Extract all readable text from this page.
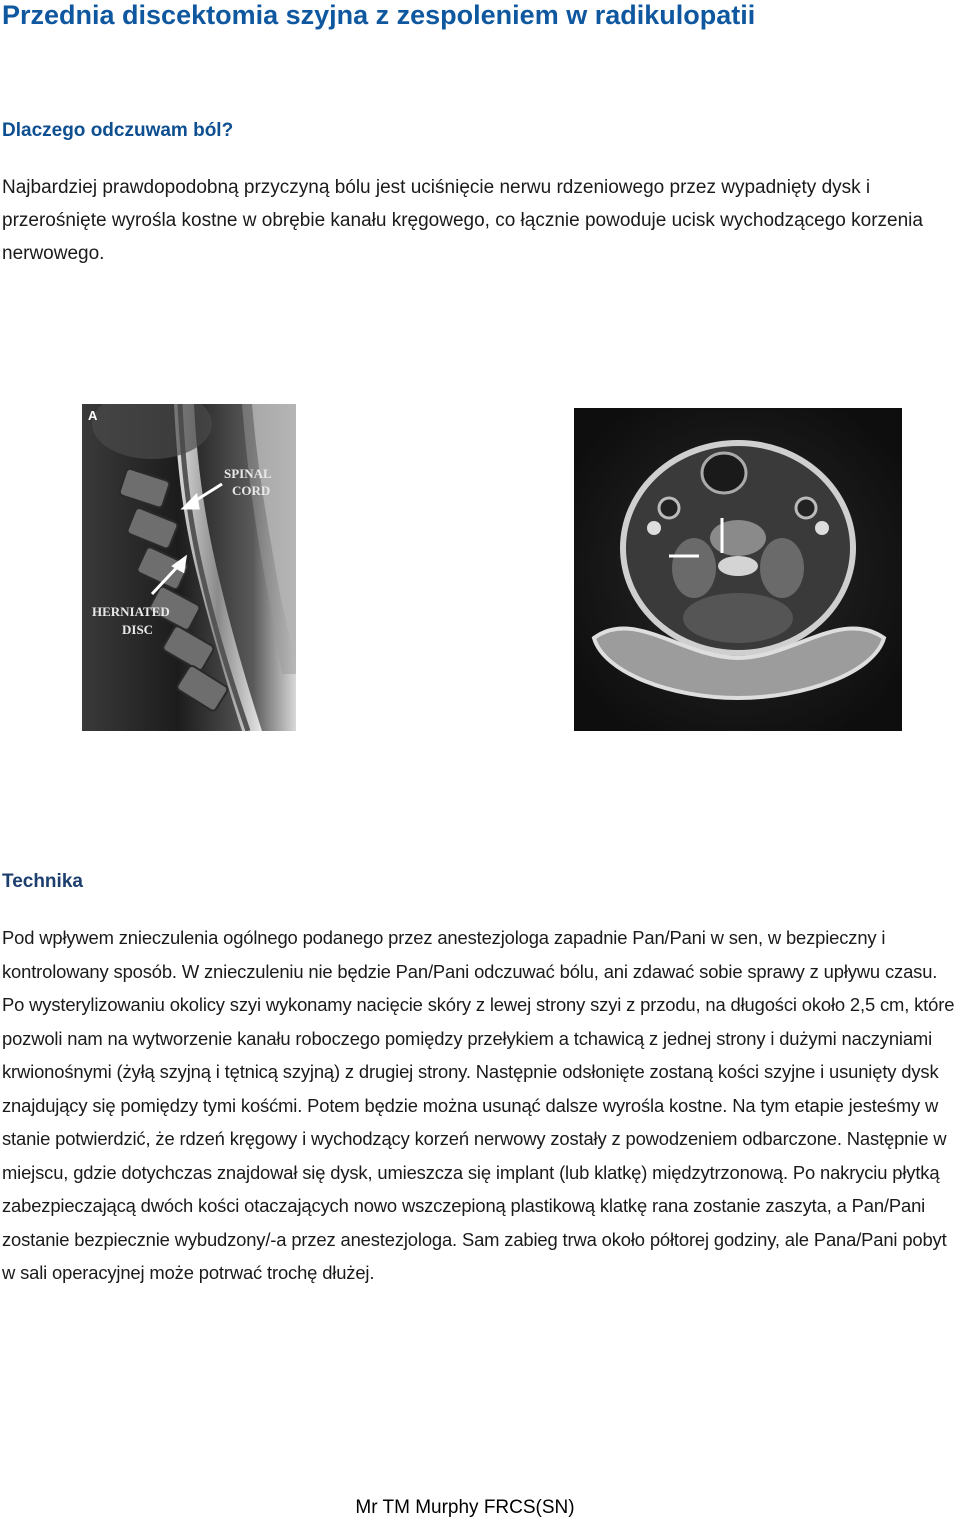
Przednia discektomia szyjna z zespoleniem w radikulopatii
Dlaczego odczuwam ból?

Najbardziej prawdopodobną przyczyną bólu jest uciśnięcie nerwu rdzeniowego przez wypadnięty dysk i przerośnięte wyrośla kostne w obrębie kanału kręgowego, co łącznie powoduje ucisk wychodzącego korzenia nerwowego.

A
SPINAL
CORD
HERNIATED
DISC
Technika

Pod wpływem znieczulenia ogólnego podanego przez anestezjologa zapadnie Pan/Pani w sen, w bezpieczny i kontrolowany sposób. W znieczuleniu nie będzie Pan/Pani odczuwać bólu, ani zdawać sobie sprawy z upływu czasu. Po wysterylizowaniu okolicy szyi wykonamy nacięcie skóry z lewej strony szyi z przodu, na długości około 2,5 cm, które pozwoli nam na wytworzenie kanału roboczego pomiędzy przełykiem a tchawicą z jednej strony i dużymi naczyniami krwionośnymi (żyłą szyjną i tętnicą szyjną) z drugiej strony. Następnie odsłonięte zostaną kości szyjne i usunięty dysk znajdujący się pomiędzy tymi kośćmi. Potem będzie można usunąć dalsze wyrośla kostne. Na tym etapie jesteśmy w stanie potwierdzić, że rdzeń kręgowy i wychodzący korzeń nerwowy zostały z powodzeniem odbarczone. Następnie w miejscu, gdzie dotychczas znajdował się dysk, umieszcza się implant (lub klatkę) międzytrzonową. Po nakryciu płytką zabezpieczającą dwóch kości otaczających nowo wszczepioną plastikową klatkę rana zostanie zaszyta, a Pan/Pani zostanie bezpiecznie wybudzony/-a przez anestezjologa. Sam zabieg trwa około półtorej godziny, ale Pana/Pani pobyt w sali operacyjnej może potrwać trochę dłużej.

Mr TM Murphy FRCS(SN)
